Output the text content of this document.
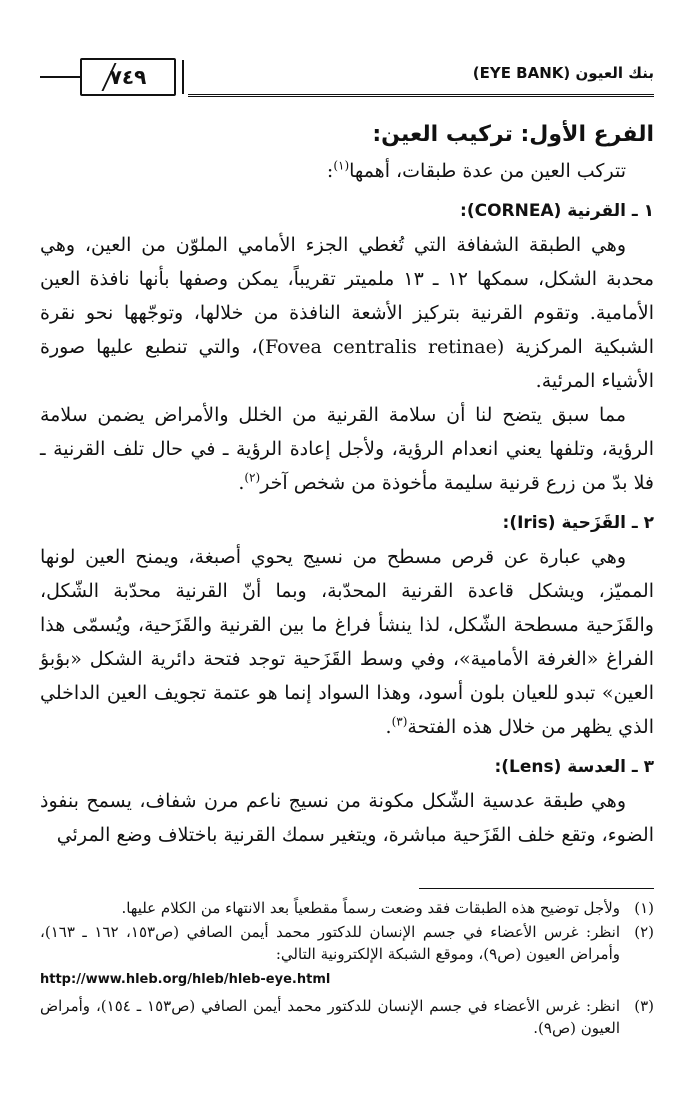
٧٤٩	بنك العيون (EYE BANK)
الفرع الأول: تركيب العين:

تتركب العين من عدة طبقات، أهمها$^{(١)}$:

١ ـ القرنية (CORNEA):

وهي الطبقة الشفافة التي تُغطي الجزء الأمامي الملوّن من العين، وهي محدبة الشكل، سمكها ١٢ ـ ١٣ ملميتر تقريباً، يمكن وصفها بأنها نافذة العين الأمامية. وتقوم القرنية بتركيز الأشعة النافذة من خلالها، وتوجّهها نحو نقرة الشبكية المركزية (Fovea centralis retinae)، والتي تنطبع عليها صورة الأشياء المرئية.

مما سبق يتضح لنا أن سلامة القرنية من الخلل والأمراض يضمن سلامة الرؤية، وتلفها يعني انعدام الرؤية، ولأجل إعادة الرؤية ـ في حال تلف القرنية ـ فلا بدّ من زرع قرنية سليمة مأخوذة من شخص آخر$^{(٢)}$.

٢ ـ القَزَحية (Iris):

وهي عبارة عن قرص مسطح من نسيج يحوي أصبغة، ويمنح العين لونها المميّز، ويشكل قاعدة القرنية المحدّبة، وبما أنّ القرنية محدّبة الشّكل، والقَزَحية مسطحة الشّكل، لذا ينشأ فراغ ما بين القرنية والقَزَحية، ويُسمّى هذا الفراغ «الغرفة الأمامية»، وفي وسط القَزَحية توجد فتحة دائرية الشكل «بؤبؤ العين» تبدو للعيان بلون أسود، وهذا السواد إنما هو عتمة تجويف العين الداخلي الذي يظهر من خلال هذه الفتحة$^{(٣)}$.

٣ ـ العدسة (Lens):

وهي طبقة عدسية الشّكل مكونة من نسيج ناعم مرن شفاف، يسمح بنفوذ الضوء، وتقع خلف القَزَحية مباشرة، ويتغير سمك القرنية باختلاف وضع المرئي

(١)
ولأجل توضيح هذه الطبقات فقد وضعت رسماً مقطعياً بعد الانتهاء من الكلام عليها.
(٢)
انظر: غرس الأعضاء في جسم الإنسان للدكتور محمد أيمن الصافي (ص١٥٣، ١٦٢ ـ ١٦٣)، وأمراض العيون (ص٩)، وموقع الشبكة الإلكترونية التالي:
http://www.hleb.org/hleb/hleb-eye.html
(٣)
انظر: غرس الأعضاء في جسم الإنسان للدكتور محمد أيمن الصافي (ص١٥٣ ـ ١٥٤)، وأمراض العيون (ص٩).
